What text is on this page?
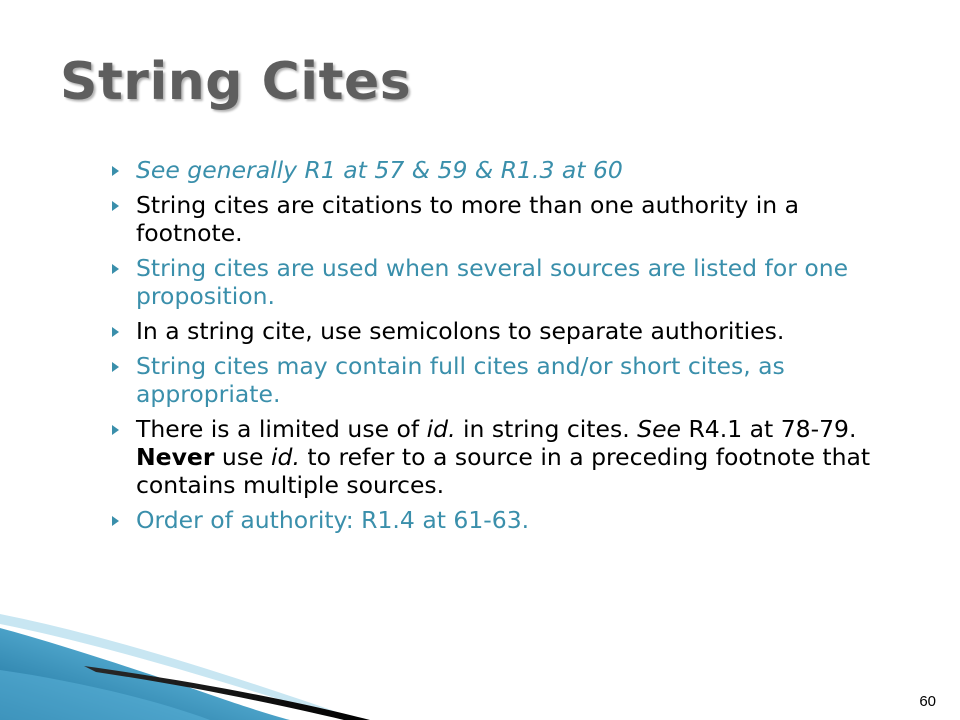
String Cites
See generally R1 at 57 & 59 & R1.3 at 60
String cites are citations to more than one authority in a footnote.
String cites are used when several sources are listed for one proposition.
In a string cite, use semicolons to separate authorities.
String cites may contain full cites and/or short cites, as appropriate.
There is a limited use of id. in string cites. See R4.1 at 78-79. Never use id. to refer to a source in a preceding footnote that contains multiple sources.
Order of authority: R1.4 at 61-63.
60
